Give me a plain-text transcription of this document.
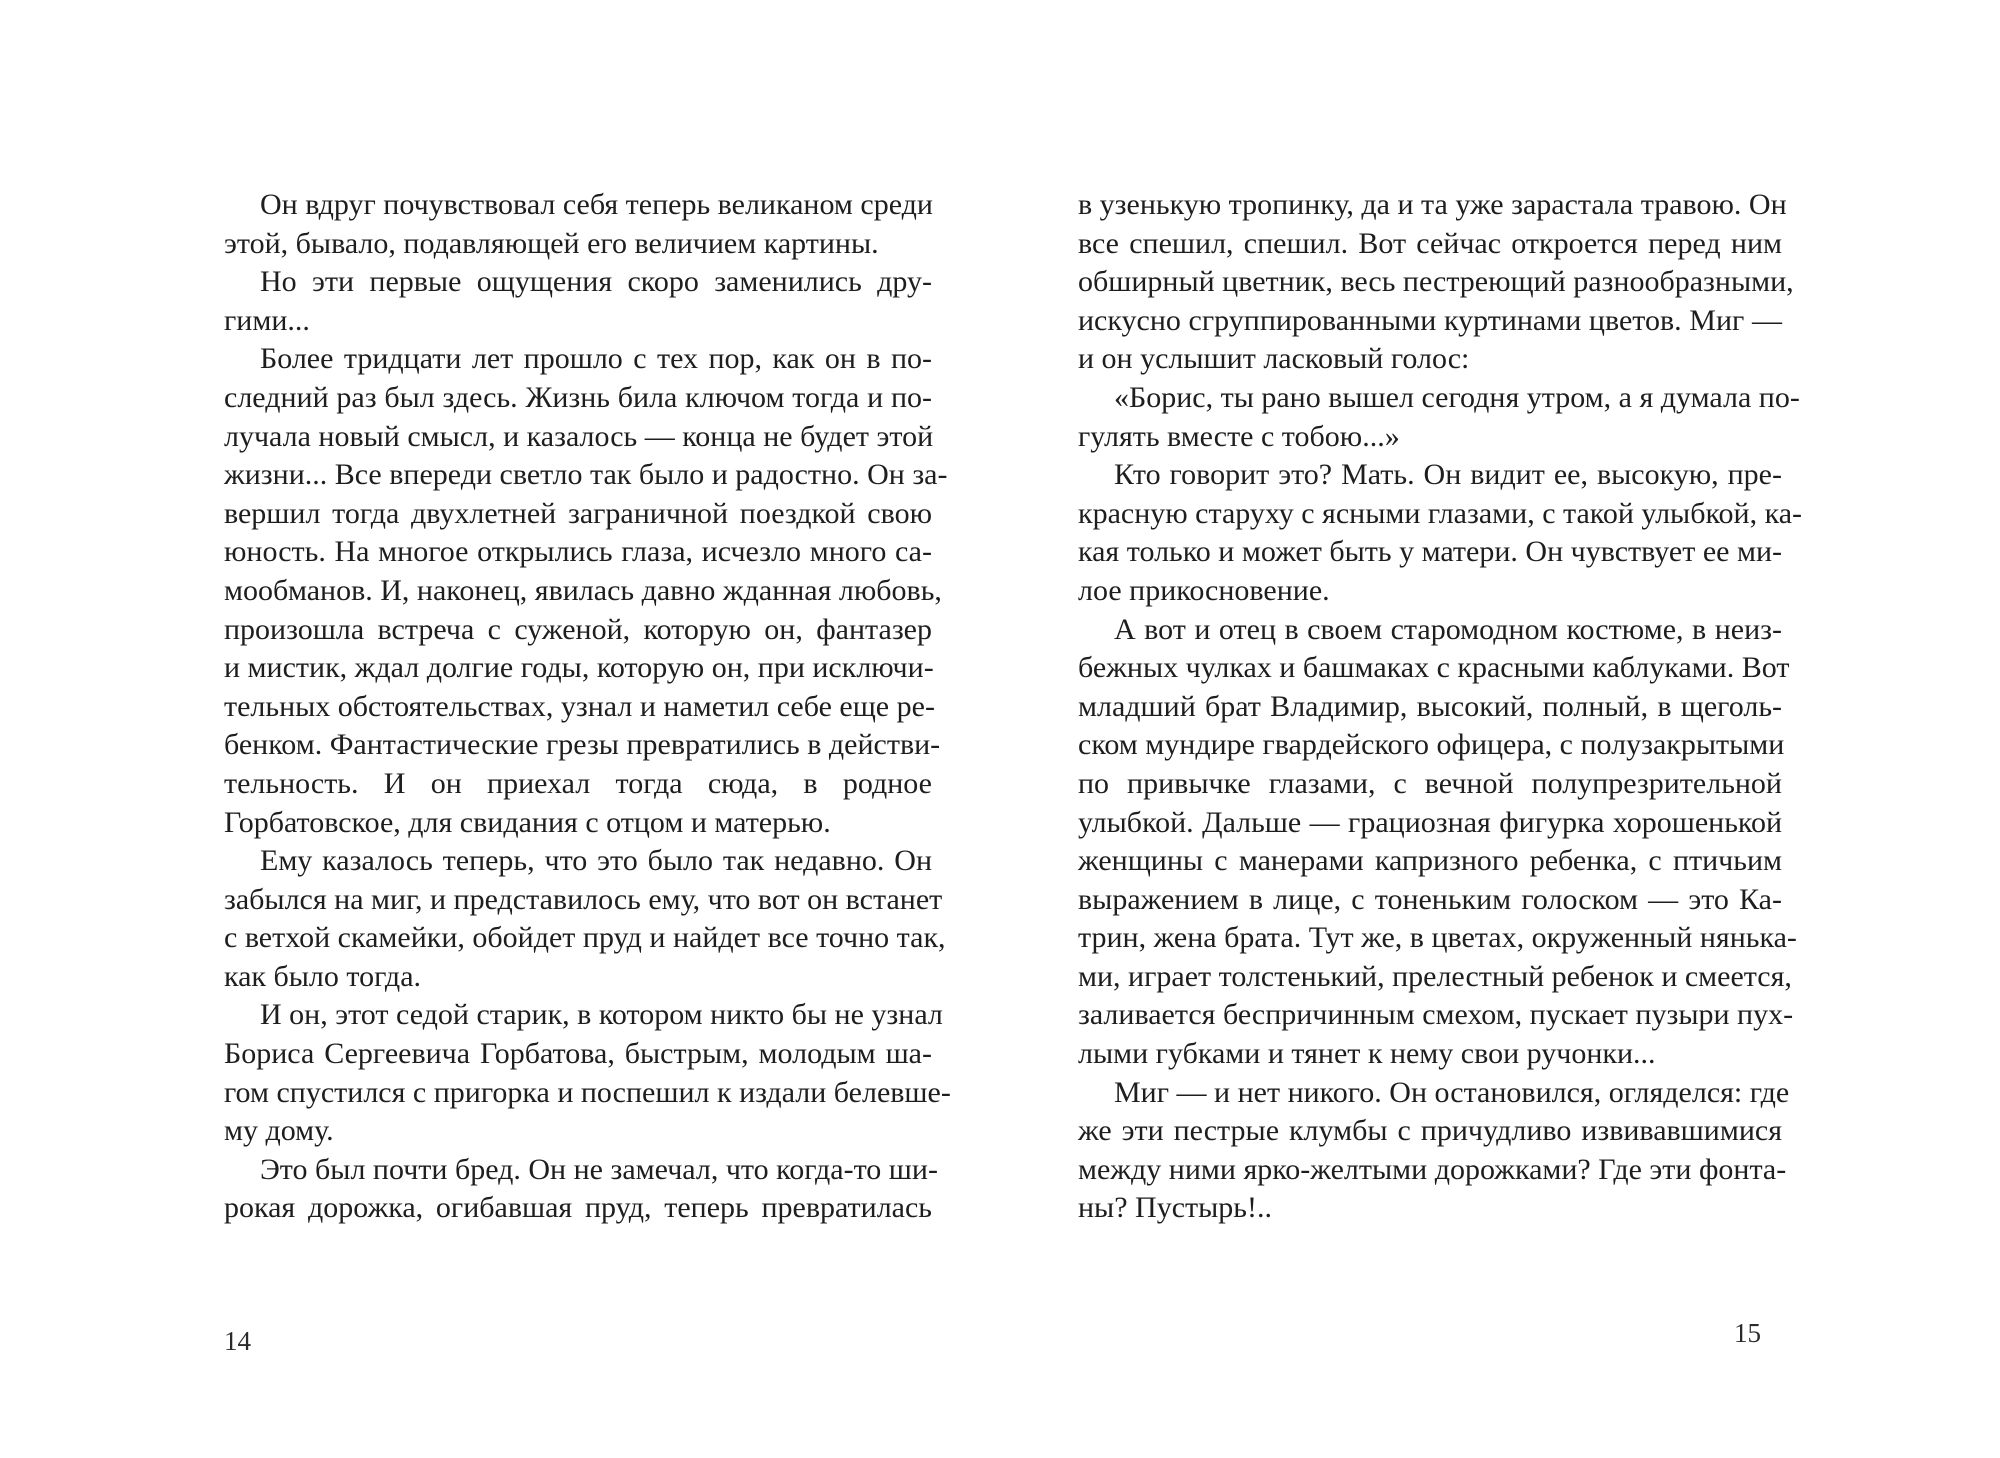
Он вдруг почувствовал себя теперь великаном среди
этой, бывало, подавляющей его величием картины.
Но эти первые ощущения скоро заменились дру-
гими...
Более тридцати лет прошло с тех пор, как он в по-
следний раз был здесь. Жизнь била ключом тогда и по-
лучала новый смысл, и казалось — конца не будет этой
жизни... Все впереди светло так было и радостно. Он за-
вершил тогда двухлетней заграничной поездкой свою
юность. На многое открылись глаза, исчезло много са-
мообманов. И, наконец, явилась давно жданная любовь,
произошла встреча с суженой, которую он, фантазер
и мистик, ждал долгие годы, которую он, при исключи-
тельных обстоятельствах, узнал и наметил себе еще ре-
бенком. Фантастические грезы превратились в действи-
тельность. И он приехал тогда сюда, в родное
Горбатовское, для свидания с отцом и матерью.
Ему казалось теперь, что это было так недавно. Он
забылся на миг, и представилось ему, что вот он встанет
с ветхой скамейки, обойдет пруд и найдет все точно так,
как было тогда.
И он, этот седой старик, в котором никто бы не узнал
Бориса Сергеевича Горбатова, быстрым, молодым ша-
гом спустился с пригорка и поспешил к издали белевше-
му дому.
Это был почти бред. Он не замечал, что когда-то ши-
рокая дорожка, огибавшая пруд, теперь превратилась
14
в узенькую тропинку, да и та уже зарастала травою. Он
все спешил, спешил. Вот сейчас откроется перед ним
обширный цветник, весь пестреющий разнообразными,
искусно сгруппированными куртинами цветов. Миг —
и он услышит ласковый голос:
«Борис, ты рано вышел сегодня утром, а я думала по-
гулять вместе с тобою...»
Кто говорит это? Мать. Он видит ее, высокую, пре-
красную старуху с ясными глазами, с такой улыбкой, ка-
кая только и может быть у матери. Он чувствует ее ми-
лое прикосновение.
А вот и отец в своем старомодном костюме, в неиз-
бежных чулках и башмаках с красными каблуками. Вот
младший брат Владимир, высокий, полный, в щеголь-
ском мундире гвардейского офицера, с полузакрытыми
по привычке глазами, с вечной полупрезрительной
улыбкой. Дальше — грациозная фигурка хорошенькой
женщины с манерами капризного ребенка, с птичьим
выражением в лице, с тоненьким голоском — это Ка-
трин, жена брата. Тут же, в цветах, окруженный нянька-
ми, играет толстенький, прелестный ребенок и смеется,
заливается беспричинным смехом, пускает пузыри пух-
лыми губками и тянет к нему свои ручонки...
Миг — и нет никого. Он остановился, огляделся: где
же эти пестрые клумбы с причудливо извивавшимися
между ними ярко-желтыми дорожками? Где эти фонта-
ны? Пустырь!..
15
